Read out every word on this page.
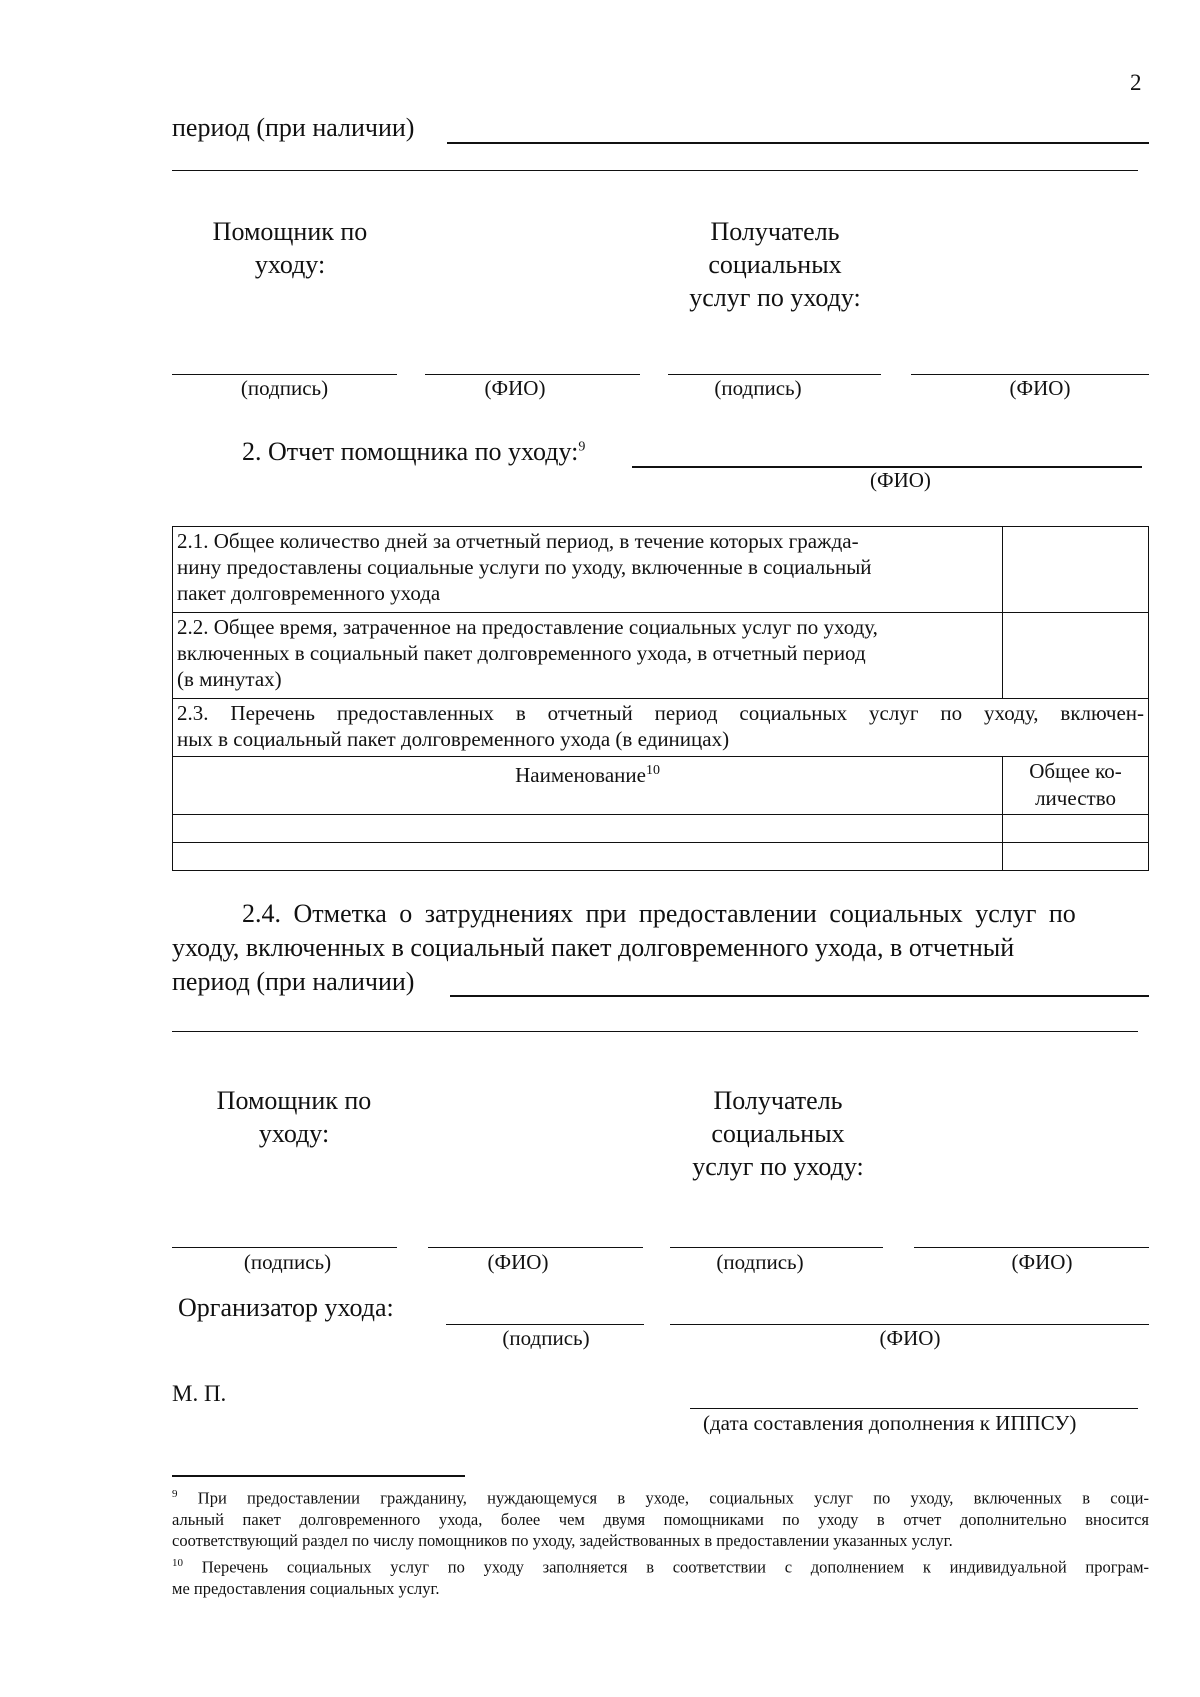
2
период (при наличии)
Помощник по
уходу:
Получатель
социальных
услуг по уходу:
(подпись)	(ФИО)	(подпись)	(ФИО)
2. Отчет помощника по уходу:$^9$
(ФИО)
2.1. Общее количество дней за отчетный период, в течение которых гражда-
нину предоставлены социальные услуги по уходу, включенные в социальный
пакет долговременного ухода	

2.2. Общее время, затраченное на предоставление социальных услуг по уходу,
включенных в социальный пакет долговременного ухода, в отчетный период
(в минутах)	

2.3. Перечень предоставленных в отчетный период социальных услуг по уходу, включен-
ных в социальный пакет долговременного ухода (в единицах)	

Наименование$^{10}$	Общее ко-
личество

2.4. Отметка о затруднениях при предоставлении социальных услуг по
уходу, включенных в социальный пакет долговременного ухода, в отчетный
период (при наличии)
Помощник по
уходу:
Получатель
социальных
услуг по уходу:
(подпись)	(ФИО)	(подпись)	(ФИО)
Организатор ухода:
(подпись)	(ФИО)
М. П.
(дата составления дополнения к ИППСУ)
$^9$ При предоставлении гражданину, нуждающемуся в уходе, социальных услуг по уходу, включенных в соци-
альный пакет долговременного ухода, более чем двумя помощниками по уходу в отчет дополнительно вносится
соответствующий раздел по числу помощников по уходу, задействованных в предоставлении указанных услуг.
$^{10}$ Перечень социальных услуг по уходу заполняется в соответствии с дополнением к индивидуальной програм-
ме предоставления социальных услуг.
